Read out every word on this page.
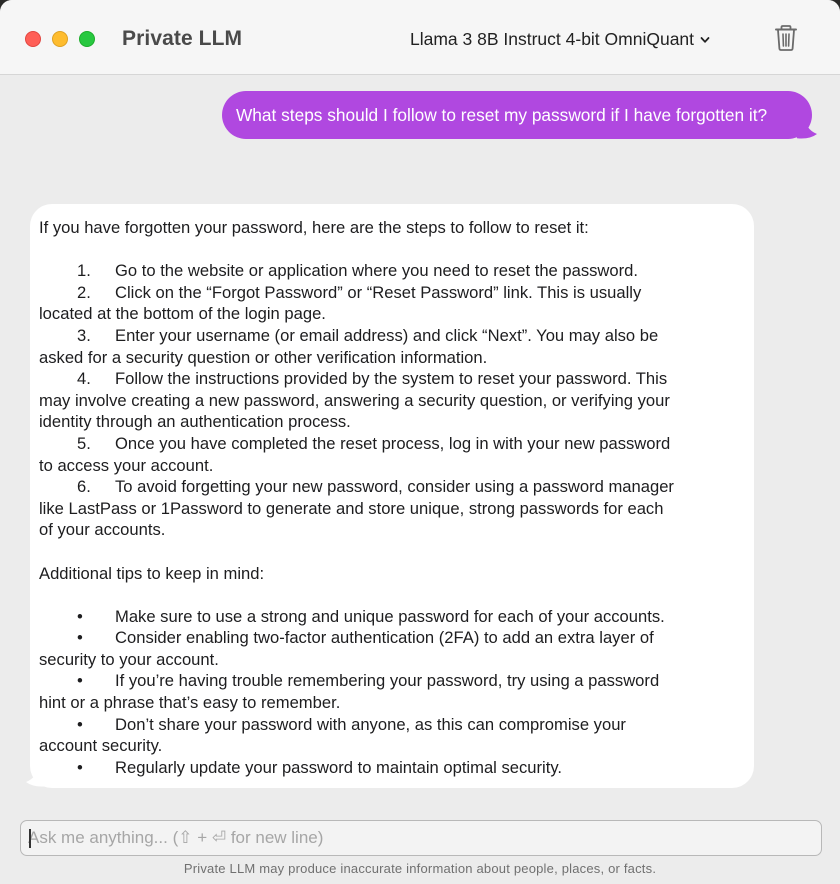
Private LLM	Llama 3 8B Instruct 4-bit OmniQuant
What steps should I follow to reset my password if I have forgotten it?

If you have forgotten your password, here are the steps to follow to reset it:

1. Go to the website or application where you need to reset the password.

2. Click on the “Forgot Password” or “Reset Password” link. This is usually

located at the bottom of the login page.

3. Enter your username (or email address) and click “Next”. You may also be

asked for a security question or other verification information.

4. Follow the instructions provided by the system to reset your password. This

may involve creating a new password, answering a security question, or verifying your

identity through an authentication process.

5. Once you have completed the reset process, log in with your new password

to access your account.

6. To avoid forgetting your new password, consider using a password manager

like LastPass or 1Password to generate and store unique, strong passwords for each

of your accounts.

Additional tips to keep in mind:

• Make sure to use a strong and unique password for each of your accounts.

• Consider enabling two-factor authentication (2FA) to add an extra layer of

security to your account.

• If you’re having trouble remembering your password, try using a password

hint or a phrase that’s easy to remember.

• Don’t share your password with anyone, as this can compromise your

account security.

• Regularly update your password to maintain optimal security.

Ask me anything... (⇧ + ⏎ for new line)
Private LLM may produce inaccurate information about people, places, or facts.
